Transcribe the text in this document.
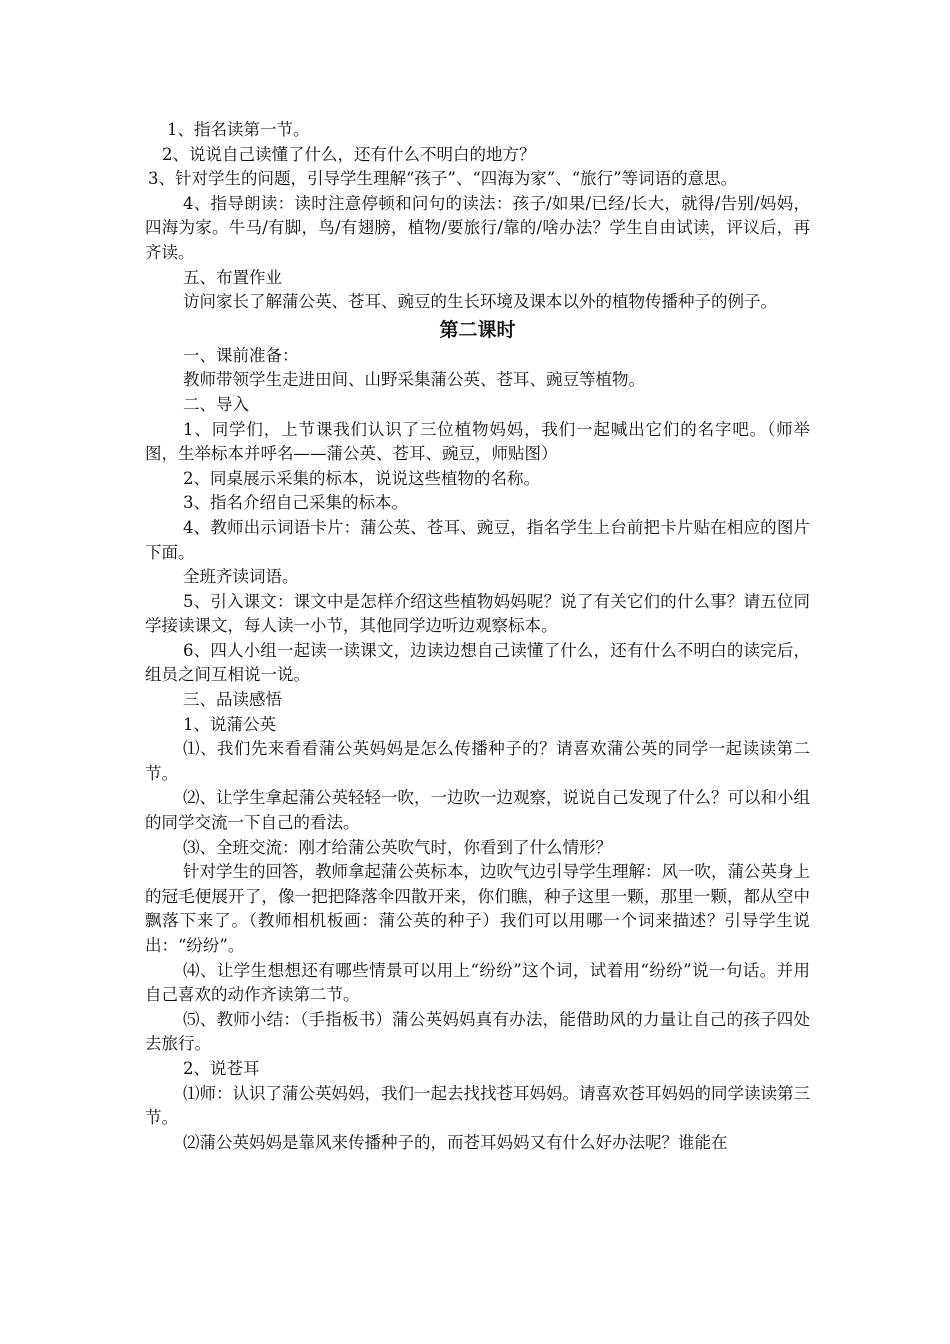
1、指名读第一节。
2、说说自己读懂了什么，还有什么不明白的地方？
3、针对学生的问题，引导学生理解“孩子”、“四海为家”、“旅行”等词语的意思。
4、指导朗读：读时注意停顿和问句的读法：孩子/如果/已经/长大，就得/告别/妈妈，四海为家。牛马/有脚，鸟/有翅膀，植物/要旅行/靠的/啥办法？学生自由试读，评议后，再齐读。
五、布置作业
访问家长了解蒲公英、苍耳、豌豆的生长环境及课本以外的植物传播种子的例子。
第二课时
一、课前准备：
教师带领学生走进田间、山野采集蒲公英、苍耳、豌豆等植物。
二、导入
1、同学们，上节课我们认识了三位植物妈妈，我们一起喊出它们的名字吧。（师举图，生举标本并呼名——蒲公英、苍耳、豌豆，师贴图）
2、同桌展示采集的标本，说说这些植物的名称。
3、指名介绍自己采集的标本。
4、教师出示词语卡片：蒲公英、苍耳、豌豆，指名学生上台前把卡片贴在相应的图片下面。
全班齐读词语。
5、引入课文：课文中是怎样介绍这些植物妈妈呢？说了有关它们的什么事？请五位同学接读课文，每人读一小节，其他同学边听边观察标本。
6、四人小组一起读一读课文，边读边想自己读懂了什么，还有什么不明白的读完后，组员之间互相说一说。
三、品读感悟
1、说蒲公英
⑴、我们先来看看蒲公英妈妈是怎么传播种子的？请喜欢蒲公英的同学一起读读第二节。
⑵、让学生拿起蒲公英轻轻一吹，一边吹一边观察，说说自己发现了什么？可以和小组的同学交流一下自己的看法。
⑶、全班交流：刚才给蒲公英吹气时，你看到了什么情形？
针对学生的回答，教师拿起蒲公英标本，边吹气边引导学生理解：风一吹，蒲公英身上的冠毛便展开了，像一把把降落伞四散开来，你们瞧，种子这里一颗，那里一颗，都从空中飘落下来了。（教师相机板画：蒲公英的种子）我们可以用哪一个词来描述？引导学生说出：“纷纷”。
⑷、让学生想想还有哪些情景可以用上“纷纷”这个词，试着用“纷纷”说一句话。并用自己喜欢的动作齐读第二节。
⑸、教师小结：（手指板书）蒲公英妈妈真有办法，能借助风的力量让自己的孩子四处去旅行。
2、说苍耳
⑴师：认识了蒲公英妈妈，我们一起去找找苍耳妈妈。请喜欢苍耳妈妈的同学读读第三节。
⑵蒲公英妈妈是靠风来传播种子的，而苍耳妈妈又有什么好办法呢？谁能在
